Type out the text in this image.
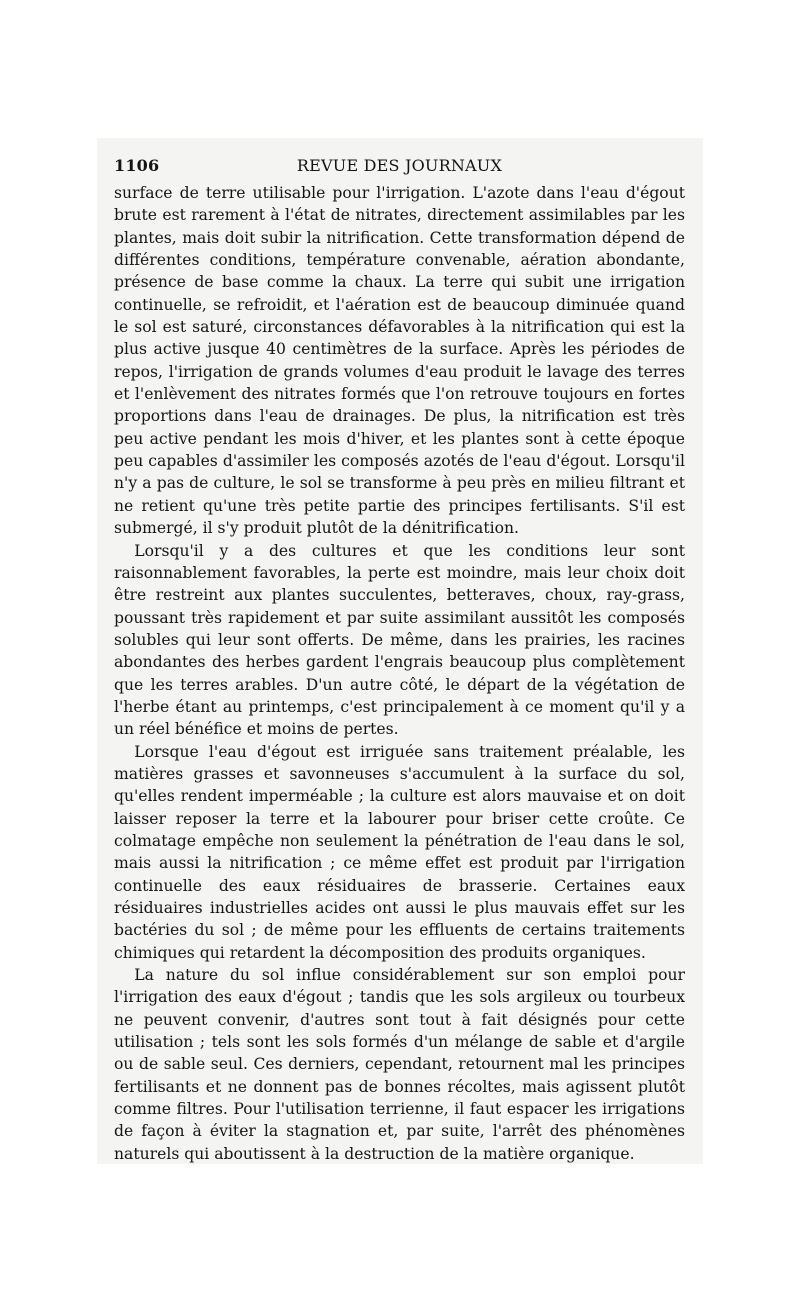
1106	REVUE DES JOURNAUX

surface de terre utilisable pour l'irrigation. L'azote dans l'eau d'égout brute est rarement à l'état de nitrates, directement assimilables par les plantes, mais doit subir la nitrification. Cette transformation dépend de différentes conditions, température convenable, aération abondante, présence de base comme la chaux. La terre qui subit une irrigation continuelle, se refroidit, et l'aération est de beaucoup diminuée quand le sol est saturé, circonstances défavorables à la nitrification qui est la plus active jusque 40 centimètres de la surface. Après les périodes de repos, l'irrigation de grands volumes d'eau produit le lavage des terres et l'enlèvement des nitrates formés que l'on retrouve toujours en fortes proportions dans l'eau de drainages. De plus, la nitrification est très peu active pendant les mois d'hiver, et les plantes sont à cette époque peu capables d'assimiler les composés azotés de l'eau d'égout. Lorsqu'il n'y a pas de culture, le sol se transforme à peu près en milieu filtrant et ne retient qu'une très petite partie des principes fertilisants. S'il est submergé, il s'y produit plutôt de la dénitrification.

Lorsqu'il y a des cultures et que les conditions leur sont raisonnablement favorables, la perte est moindre, mais leur choix doit être restreint aux plantes succulentes, betteraves, choux, ray-grass, poussant très rapidement et par suite assimilant aussitôt les composés solubles qui leur sont offerts. De même, dans les prairies, les racines abondantes des herbes gardent l'engrais beaucoup plus complètement que les terres arables. D'un autre côté, le départ de la végétation de l'herbe étant au printemps, c'est principalement à ce moment qu'il y a un réel bénéfice et moins de pertes.

Lorsque l'eau d'égout est irriguée sans traitement préalable, les matières grasses et savonneuses s'accumulent à la surface du sol, qu'elles rendent imperméable ; la culture est alors mauvaise et on doit laisser reposer la terre et la labourer pour briser cette croûte. Ce colmatage empêche non seulement la pénétration de l'eau dans le sol, mais aussi la nitrification ; ce même effet est produit par l'irrigation continuelle des eaux résiduaires de brasserie. Certaines eaux résiduaires industrielles acides ont aussi le plus mauvais effet sur les bactéries du sol ; de même pour les effluents de certains traitements chimiques qui retardent la décomposition des produits organiques.

La nature du sol influe considérablement sur son emploi pour l'irrigation des eaux d'égout ; tandis que les sols argileux ou tourbeux ne peuvent convenir, d'autres sont tout à fait désignés pour cette utilisation ; tels sont les sols formés d'un mélange de sable et d'argile ou de sable seul. Ces derniers, cependant, retournent mal les principes fertilisants et ne donnent pas de bonnes récoltes, mais agissent plutôt comme filtres. Pour l'utilisation terrienne, il faut espacer les irrigations de façon à éviter la stagnation et, par suite, l'arrêt des phénomènes naturels qui aboutissent à la destruction de la matière organique.
